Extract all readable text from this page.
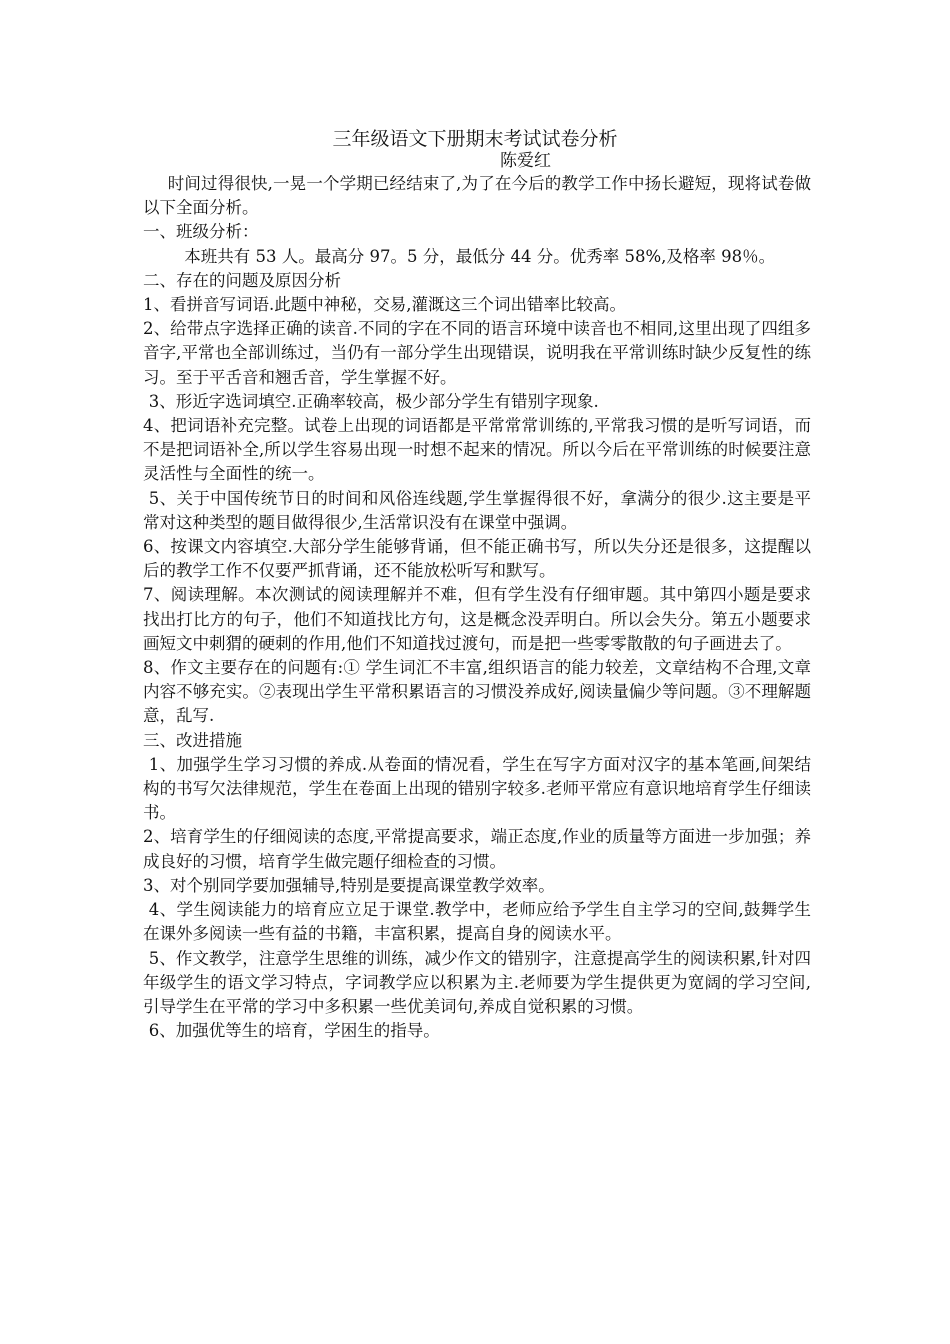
三年级语文下册期末考试试卷分析
陈爱红

时间过得很快,一晃一个学期已经结束了,为了在今后的教学工作中扬长避短，现将试卷做以下全面分析。

一、班级分析：

本班共有 53 人。最高分 97。5 分，最低分 44 分。优秀率 58%,及格率 98％。

二、存在的问题及原因分析

1、看拼音写词语.此题中神秘，交易,灌溉这三个词出错率比较高。

2、给带点字选择正确的读音.不同的字在不同的语言环境中读音也不相同,这里出现了四组多音字,平常也全部训练过，当仍有一部分学生出现错误，说明我在平常训练时缺少反复性的练习。至于平舌音和翘舌音，学生掌握不好。

3、形近字选词填空.正确率较高，极少部分学生有错别字现象.

4、把词语补充完整。试卷上出现的词语都是平常常常训练的,平常我习惯的是听写词语，而不是把词语补全,所以学生容易出现一时想不起来的情况。所以今后在平常训练的时候要注意灵活性与全面性的统一。

5、关于中国传统节日的时间和风俗连线题,学生掌握得很不好，拿满分的很少.这主要是平常对这种类型的题目做得很少,生活常识没有在课堂中强调。

6、按课文内容填空.大部分学生能够背诵，但不能正确书写，所以失分还是很多，这提醒以后的教学工作不仅要严抓背诵，还不能放松听写和默写。

7、阅读理解。本次测试的阅读理解并不难，但有学生没有仔细审题。其中第四小题是要求找出打比方的句子，他们不知道找比方句，这是概念没弄明白。所以会失分。第五小题要求画短文中刺猬的硬刺的作用,他们不知道找过渡句，而是把一些零零散散的句子画进去了。

8、作文主要存在的问题有:① 学生词汇不丰富,组织语言的能力较差，文章结构不合理,文章内容不够充实。②表现出学生平常积累语言的习惯没养成好,阅读量偏少等问题。③不理解题意，乱写.

三、改进措施

1、加强学生学习习惯的养成.从卷面的情况看，学生在写字方面对汉字的基本笔画,间架结构的书写欠法律规范，学生在卷面上出现的错别字较多.老师平常应有意识地培育学生仔细读书。

2、培育学生的仔细阅读的态度,平常提高要求，端正态度,作业的质量等方面进一步加强；养成良好的习惯，培育学生做完题仔细检查的习惯。

3、对个别同学要加强辅导,特别是要提高课堂教学效率。

4、学生阅读能力的培育应立足于课堂.教学中，老师应给予学生自主学习的空间,鼓舞学生在课外多阅读一些有益的书籍，丰富积累，提高自身的阅读水平。

5、作文教学，注意学生思维的训练，减少作文的错别字，注意提高学生的阅读积累,针对四年级学生的语文学习特点，字词教学应以积累为主.老师要为学生提供更为宽阔的学习空间,引导学生在平常的学习中多积累一些优美词句,养成自觉积累的习惯。

6、加强优等生的培育，学困生的指导。
